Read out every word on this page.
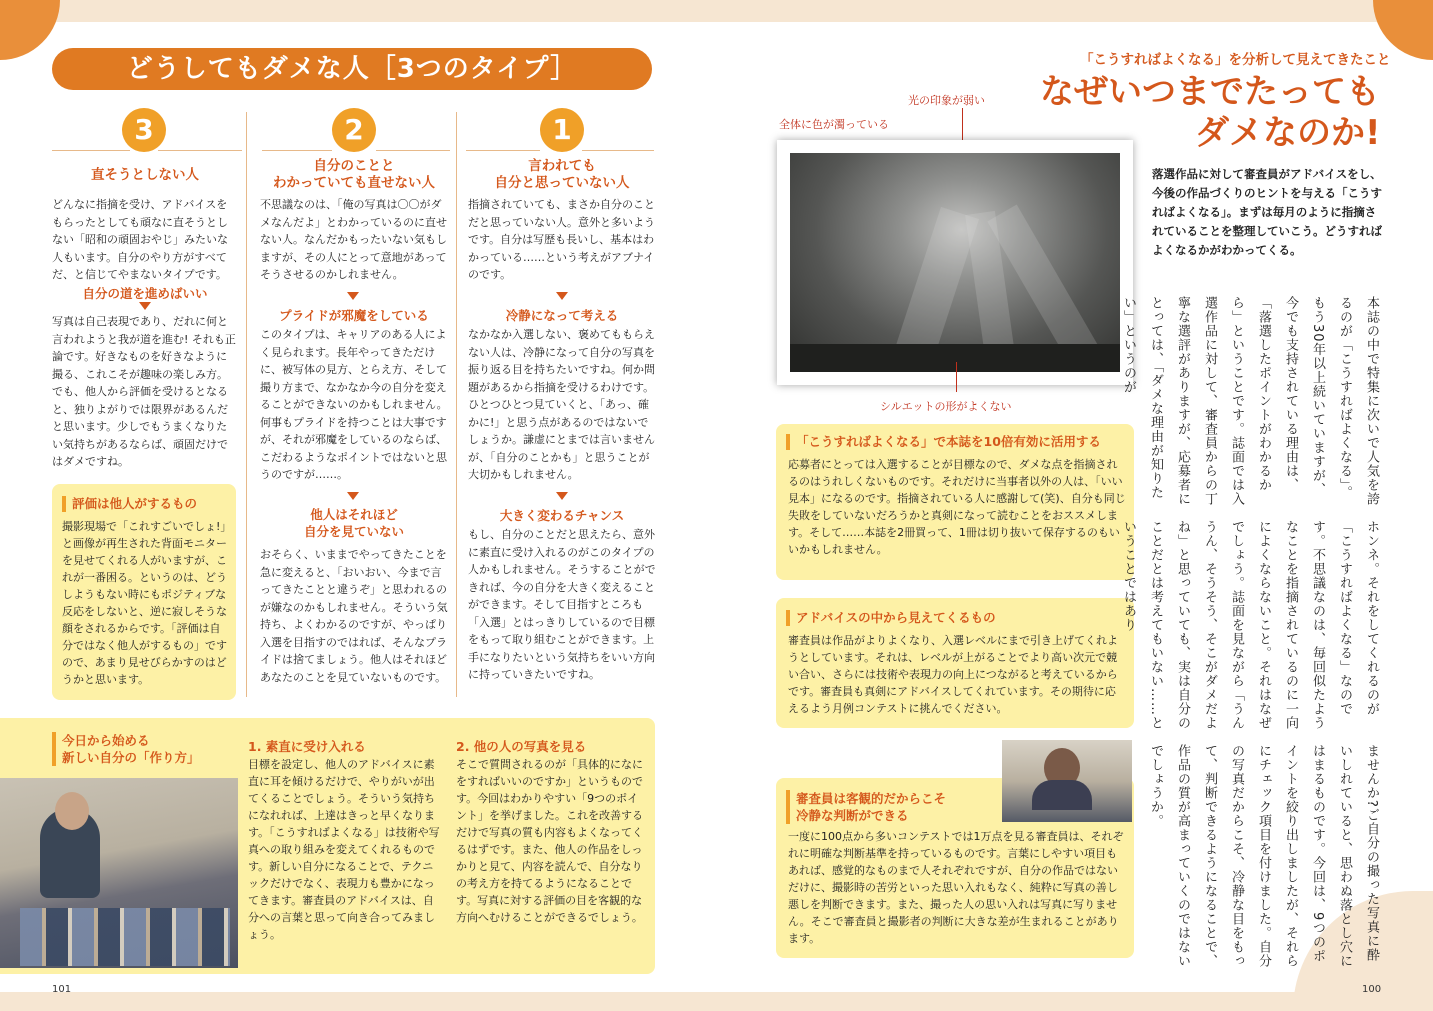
どうしてもダメな人［3つのタイプ］
3
直そうとしない人
どんなに指摘を受け、アドバイスをもらったとしても頑なに直そうとしない「昭和の頑固おやじ」みたいな人もいます。自分のやり方がすべてだ、と信じてやまないタイプです。
自分の道を進めばいい
写真は自己表現であり、だれに何と言われようと我が道を進む! それも正論です。好きなものを好きなように撮る、これこそが趣味の楽しみ方。でも、他人から評価を受けるとなると、独りよがりでは限界があるんだと思います。少しでもうまくなりたい気持ちがあるならば、頑固だけではダメですね。
評価は他人がするもの
撮影現場で「これすごいでしょ!」と画像が再生された背面モニターを見せてくれる人がいますが、これが一番困る。というのは、どうしようもない時にもポジティブな反応をしないと、逆に寂しそうな顔をされるからです。「評価は自分ではなく他人がするもの」ですので、あまり見せびらかすのはどうかと思います。
2
自分のことと
わかっていても直せない人
不思議なのは、「俺の写真は〇〇がダメなんだよ」とわかっているのに直せない人。なんだかもったいない気もしますが、その人にとって意地があってそうさせるのかしれません。
プライドが邪魔をしている
このタイプは、キャリアのある人によく見られます。長年やってきただけに、被写体の見方、とらえ方、そして撮り方まで、なかなか今の自分を変えることができないのかもしれません。何事もプライドを持つことは大事ですが、それが邪魔をしているのならば、こだわるようなポイントではないと思うのですが……。
他人はそれほど
自分を見ていない
おそらく、いままでやってきたことを急に変えると、「おいおい、今まで言ってきたことと違うぞ」と思われるのが嫌なのかもしれません。そういう気持ち、よくわかるのですが、やっぱり入選を目指すのではれば、そんなプライドは捨てましょう。他人はそれほどあなたのことを見ていないものです。
1
言われても
自分と思っていない人
指摘されていても、まさか自分のことだと思っていない人。意外と多いようです。自分は写歴も長いし、基本はわかっている……という考えがアブナイのです。
冷静になって考える
なかなか入選しない、褒めてももらえない人は、冷静になって自分の写真を振り返る目を持ちたいですね。何か問題があるから指摘を受けるわけです。ひとつひとつ見ていくと、「あっ、確かに!」と思う点があるのではないでしょうか。謙虚にとまでは言いませんが、「自分のことかも」と思うことが大切かもしれません。
大きく変わるチャンス
もし、自分のことだと思えたら、意外に素直に受け入れるのがこのタイプの人かもしれません。そうすることができれば、今の自分を大きく変えることができます。そして目指すところも「入選」とはっきりしているので目標をもって取り組むことができます。上手になりたいという気持ちをいい方向に持っていきたいですね。
今日から始める
新しい自分の「作り方」
1. 素直に受け入れる
目標を設定し、他人のアドバイスに素直に耳を傾けるだけで、やりがいが出てくることでしょう。そういう気持ちになれれば、上達はきっと早くなります。「こうすればよくなる」は技術や写真への取り組みを変えてくれるものです。新しい自分になることで、テクニックだけでなく、表現力も豊かになってきます。審査員のアドバイスは、自分への言葉と思って向き合ってみましょう。
2. 他の人の写真を見る
そこで質問されるのが「具体的になにをすればいいのですか」というものです。今回はわかりやすい「9つのポイント」を挙げました。これを改善するだけで写真の質も内容もよくなってくるはずです。また、他人の作品をしっかりと見て、内容を読んで、自分なりの考え方を持てるようになることです。写真に対する評価の目を客観的な方向へむけることができるでしょう。
101
「こうすればよくなる」を分析して見えてきたこと
なぜいつまでたっても
ダメなのか!
落選作品に対して審査員がアドバイスをし、今後の作品づくりのヒントを与える「こうすればよくなる」。まずは毎月のように指摘されていることを整理していこう。どうすればよくなるかがわかってくる。
全体に色が濁っている
光の印象が弱い
シルエットの形がよくない
「こうすればよくなる」で本誌を10倍有効に活用する
応募者にとっては入選することが目標なので、ダメな点を指摘されるのはうれしくないものです。それだけに当事者以外の人は、「いい見本」になるのです。指摘されている人に感謝して(笑)、自分も同じ失敗をしていないだろうかと真剣になって読むことをおススメします。そして……本誌を2冊買って、1冊は切り抜いて保存するのもいいかもしれません。
アドバイスの中から見えてくるもの
審査員は作品がよりよくなり、入選レベルにまで引き上げてくれようとしています。それは、レベルが上がることでより高い次元で競い合い、さらには技術や表現力の向上につながると考えているからです。審査員も真剣にアドバイスしてくれています。その期待に応えるよう月例コンテストに挑んでください。
審査員は客観的だからこそ
冷静な判断ができる
一度に100点から多いコンテストでは1万点を見る審査員は、それぞれに明確な判断基準を持っているものです。言葉にしやすい項目もあれば、感覚的なものまで人それぞれですが、自分の作品ではないだけに、撮影時の苦労といった思い入れもなく、純粋に写真の善し悪しを判断できます。また、撮った人の思い入れは写真に写りません。そこで審査員と撮影者の判断に大きな差が生まれることがあります。
本誌の中で特集に次いで人気を誇るのが「こうすればよくなる」。もう30年以上続いていますが、今でも支持されている理由は、「落選したポイントがわかるから」ということです。誌面では入選作品に対して、審査員からの丁寧な選評がありますが、応募者にとっては、「ダメな理由が知りたい」というのが
ホンネ。それをしてくれるのが「こうすればよくなる」なのです。不思議なのは、毎回似たようなことを指摘されているのに一向によくならないこと。それはなぜでしょう。誌面を見ながら「うんうん、そうそう、そこがダメだよね」と思っていても、実は自分のことだとは考えてもいない……ということではあり
ませんか?ご自分の撮った写真に酔いしれていると、思わぬ落とし穴にはまるものです。今回は、9つのポイントを絞り出しましたが、それらにチェック項目を付けました。自分の写真だからこそ、冷静な目をもって、判断できるようになることで、作品の質が高まっていくのではないでしょうか。
100
